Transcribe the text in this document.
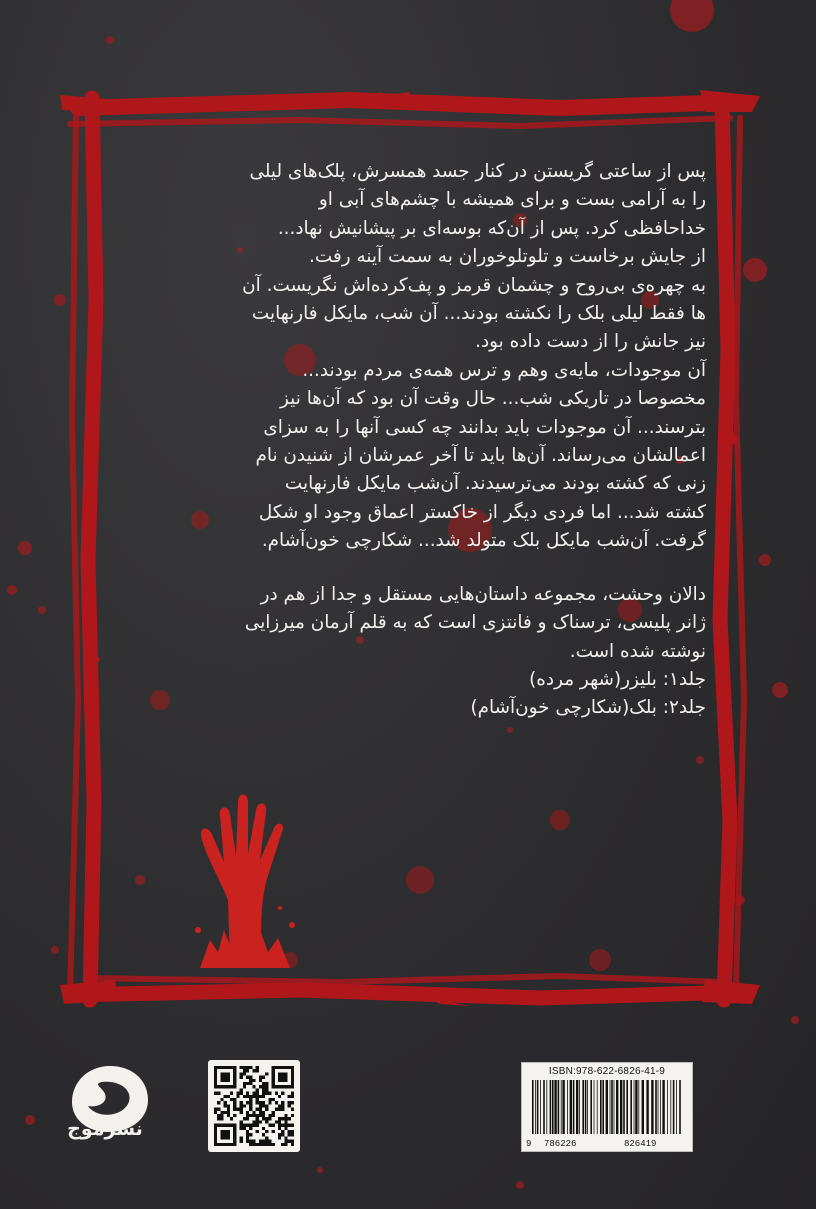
پس از ساعتی گریستن در کنار جسد همسرش، پلک‌های لیلی
را به آرامی بست و برای همیشه با چشم‌های آبی او
خداحافظی کرد. پس از آن‌که بوسه‌ای بر پیشانیش نهاد...
از جایش برخاست و تلوتلوخوران به سمت آینه رفت.
به چهره‌ی بی‌روح و چشمان قرمز و پف‌کرده‌اش نگریست. آن
ها فقط لیلی بلک را نکشته بودند... آن شب، مایکل فارنهایت
نیز جانش را از دست داده بود.

آن موجودات، مایه‌ی وهم و ترس همه‌ی مردم بودند...
مخصوصا در تاریکی شب... حال وقت آن بود که آن‌ها نیز
بترسند... آن موجودات باید بدانند چه کسی آنها را به سزای
اعمالشان می‌رساند. آن‌ها باید تا آخر عمرشان از شنیدن نام
زنی که کشته بودند می‌ترسیدند. آن‌شب مایکل فارنهایت
کشته شد... اما فردی دیگر از خاکستر اعماق وجود او شکل
گرفت. آن‌شب مایکل بلک متولد شد... شکارچی خون‌آشام.

دالان وحشت، مجموعه داستان‌هایی مستقل و جدا از هم در
ژانر پلیسی، ترسناک و فانتزی است که به قلم آرمان میرزایی
نوشته شده است.

جلد۱: بلیزر(شهر مرده)

جلد۲: بلک(شکارچی خون‌آشام)

نشرموج
ISBN:978-622-6826-41-9
9 786226	826419
